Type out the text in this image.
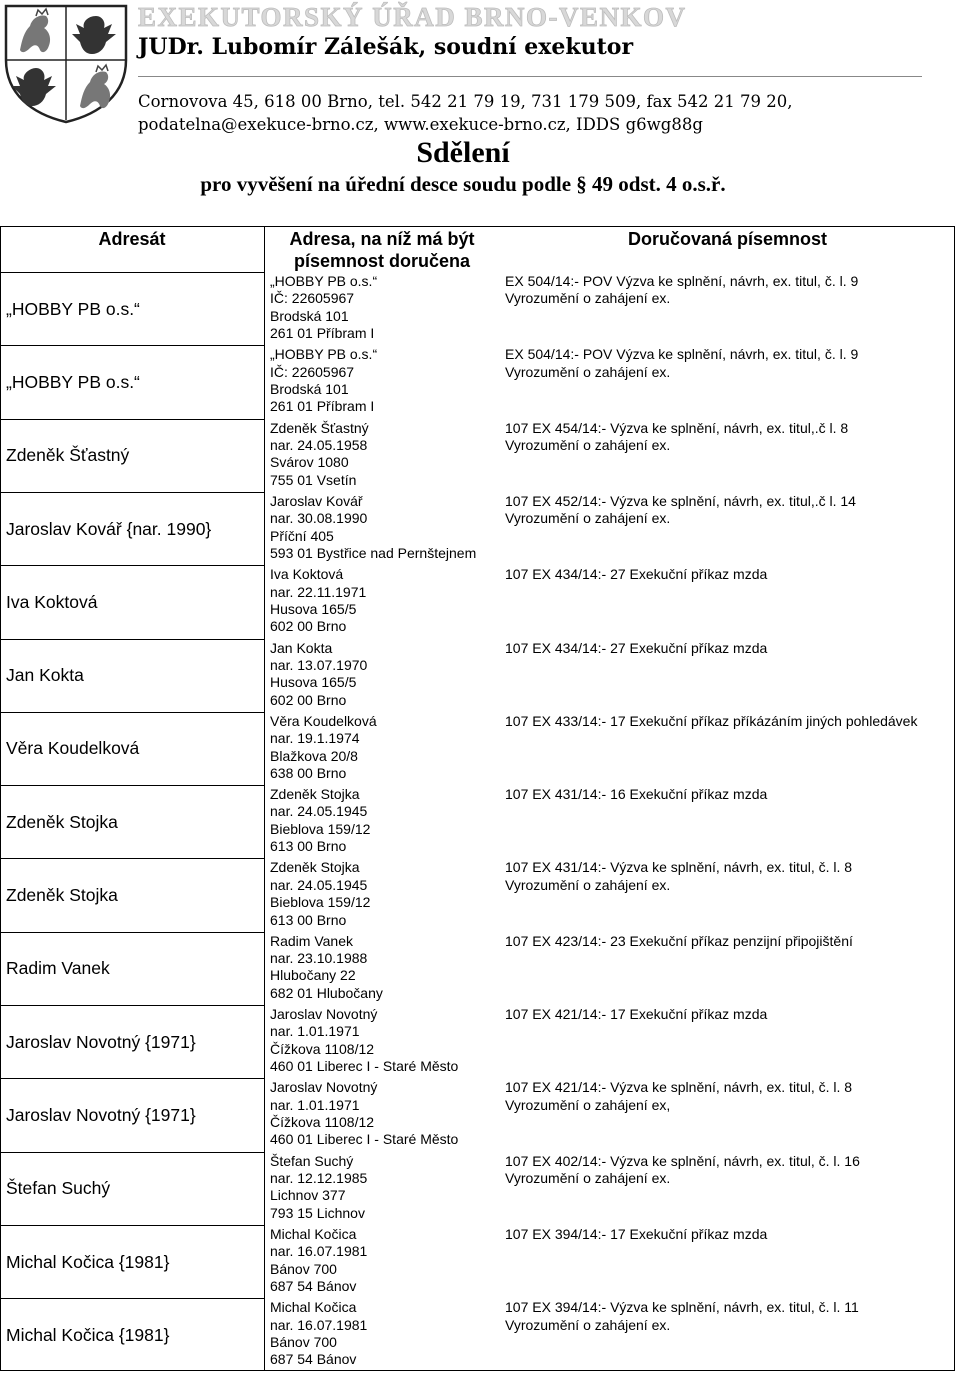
EXEKUTORSKÝ ÚŘAD BRNO-VENKOV
JUDr. Lubomír Zálešák, soudní exekutor
Cornovova 45, 618 00 Brno, tel. 542 21 79 19, 731 179 509, fax 542 21 79 20,
podatelna@exekuce-brno.cz, www.exekuce-brno.cz, IDDS g6wg88g
Sdělení
pro vyvěšení na úřední desce soudu podle § 49 odst. 4 o.s.ř.
Adresát	Adresa, na níž má být
písemnost doručena
Doručovaná písemnost
„HOBBY PB o.s.“
„HOBBY PB o.s.“
IČ: 22605967
Brodská 101
261 01 Příbram I
EX 504/14:- POV Výzva ke splnění, návrh, ex. titul, č. l. 9
Vyrozumění o zahájení ex.
„HOBBY PB o.s.“
„HOBBY PB o.s.“
IČ: 22605967
Brodská 101
261 01 Příbram I
EX 504/14:- POV Výzva ke splnění, návrh, ex. titul, č. l. 9
Vyrozumění o zahájení ex.
Zdeněk Šťastný
Zdeněk Šťastný
nar. 24.05.1958
Svárov 1080
755 01 Vsetín
107 EX 454/14:- Výzva ke splnění, návrh, ex. titul,.č l. 8
Vyrozumění o zahájení ex.
Jaroslav Kovář {nar. 1990}
Jaroslav Kovář
nar. 30.08.1990
Příční 405
593 01 Bystřice nad Pernštejnem
107 EX 452/14:- Výzva ke splnění, návrh, ex. titul,.č l. 14
Vyrozumění o zahájení ex.
Iva Koktová
Iva Koktová
nar. 22.11.1971
Husova 165/5
602 00 Brno
107 EX 434/14:- 27 Exekuční příkaz mzda
Jan Kokta
Jan Kokta
nar. 13.07.1970
Husova 165/5
602 00 Brno
107 EX 434/14:- 27 Exekuční příkaz mzda
Věra Koudelková
Věra Koudelková
nar. 19.1.1974
Blažkova 20/8
638 00 Brno
107 EX 433/14:- 17 Exekuční příkaz příkázáním jiných pohledávek
Zdeněk Stojka
Zdeněk Stojka
nar. 24.05.1945
Bieblova 159/12
613 00 Brno
107 EX 431/14:- 16 Exekuční příkaz mzda
Zdeněk Stojka
Zdeněk Stojka
nar. 24.05.1945
Bieblova 159/12
613 00 Brno
107 EX 431/14:- Výzva ke splnění, návrh, ex. titul, č. l. 8
Vyrozumění o zahájení ex.
Radim Vanek
Radim Vanek
nar. 23.10.1988
Hlubočany 22
682 01 Hlubočany
107 EX 423/14:- 23 Exekuční příkaz penzijní připojištění
Jaroslav Novotný {1971}
Jaroslav Novotný
nar. 1.01.1971
Čížkova 1108/12
460 01 Liberec I - Staré Město
107 EX 421/14:- 17 Exekuční příkaz mzda
Jaroslav Novotný {1971}
Jaroslav Novotný
nar. 1.01.1971
Čížkova 1108/12
460 01 Liberec I - Staré Město
107 EX 421/14:- Výzva ke splnění, návrh, ex. titul, č. l. 8
Vyrozumění o zahájení ex,
Štefan Suchý
Štefan Suchý
nar. 12.12.1985
Lichnov 377
793 15 Lichnov
107 EX 402/14:- Výzva ke splnění, návrh, ex. titul, č. l. 16
Vyrozumění o zahájení ex.
Michal Kočica {1981}
Michal Kočica
nar. 16.07.1981
Bánov 700
687 54 Bánov
107 EX 394/14:- 17 Exekuční příkaz mzda
Michal Kočica {1981}
Michal Kočica
nar. 16.07.1981
Bánov 700
687 54 Bánov
107 EX 394/14:- Výzva ke splnění, návrh, ex. titul, č. l. 11
Vyrozumění o zahájení ex.
